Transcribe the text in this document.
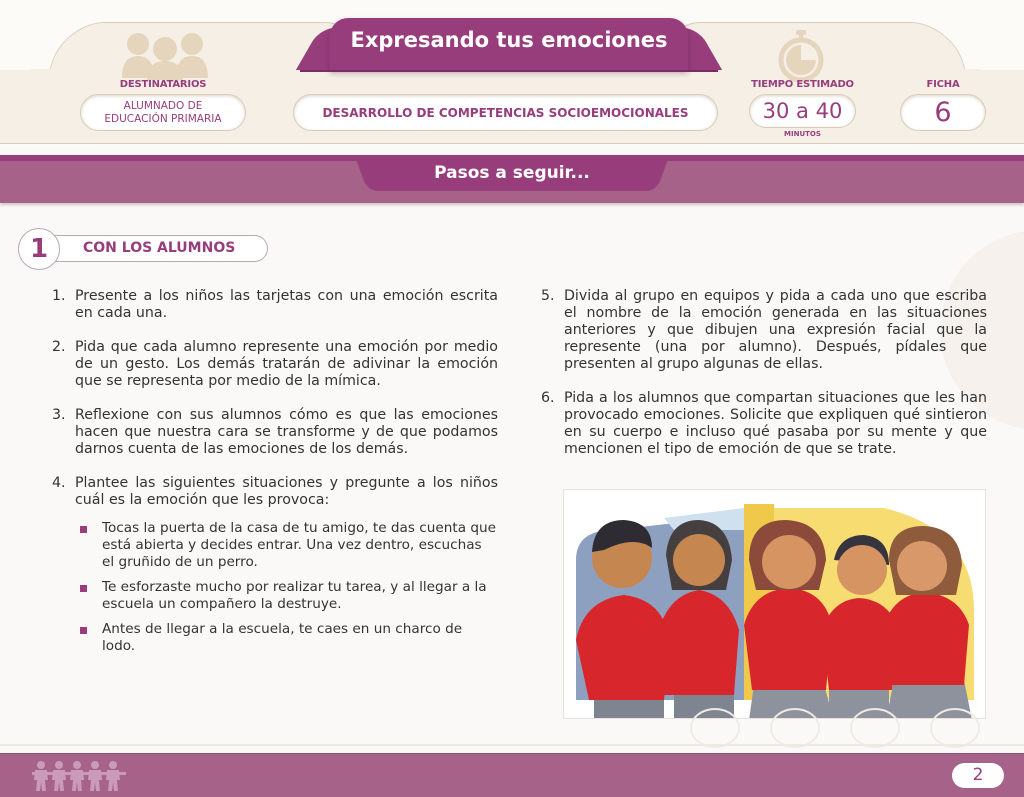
Expresando tus emociones
DESTINATARIOS
ALUMNADO DE
EDUCACIÓN PRIMARIA	DESARROLLO DE COMPETENCIAS SOCIOEMOCIONALES
TIEMPO ESTIMADO
30 a 40
MINUTOS
FICHA
6
Pasos a seguir...
1	CON LOS ALUMNOS
1. Presente a los niños las tarjetas con una emoción escrita en cada una.
2. Pida que cada alumno represente una emoción por medio de un gesto. Los demás tratarán de adivinar la emoción que se representa por medio de la mímica.
3. Reflexione con sus alumnos cómo es que las emociones hacen que nuestra cara se transforme y de que podamos darnos cuenta de las emociones de los demás.
4. Plantee las siguientes situaciones y pregunte a los niños cuál es la emoción que les provoca:
Tocas la puerta de la casa de tu amigo, te das cuenta que está abierta y decides entrar. Una vez dentro, escuchas el gruñido de un perro.
Te esforzaste mucho por realizar tu tarea, y al llegar a la escuela un compañero la destruye.
Antes de llegar a la escuela, te caes en un charco de lodo.
5. Divida al grupo en equipos y pida a cada uno que escriba el nombre de la emoción generada en las situaciones anteriores y que dibujen una expresión facial que la represente (una por alumno). Después, pídales que presenten al grupo algunas de ellas.
6. Pida a los alumnos que compartan situaciones que les han provocado emociones. Solicite que expliquen qué sintieron en su cuerpo e incluso qué pasaba por su mente y que mencionen el tipo de emoción de que se trate.
2
